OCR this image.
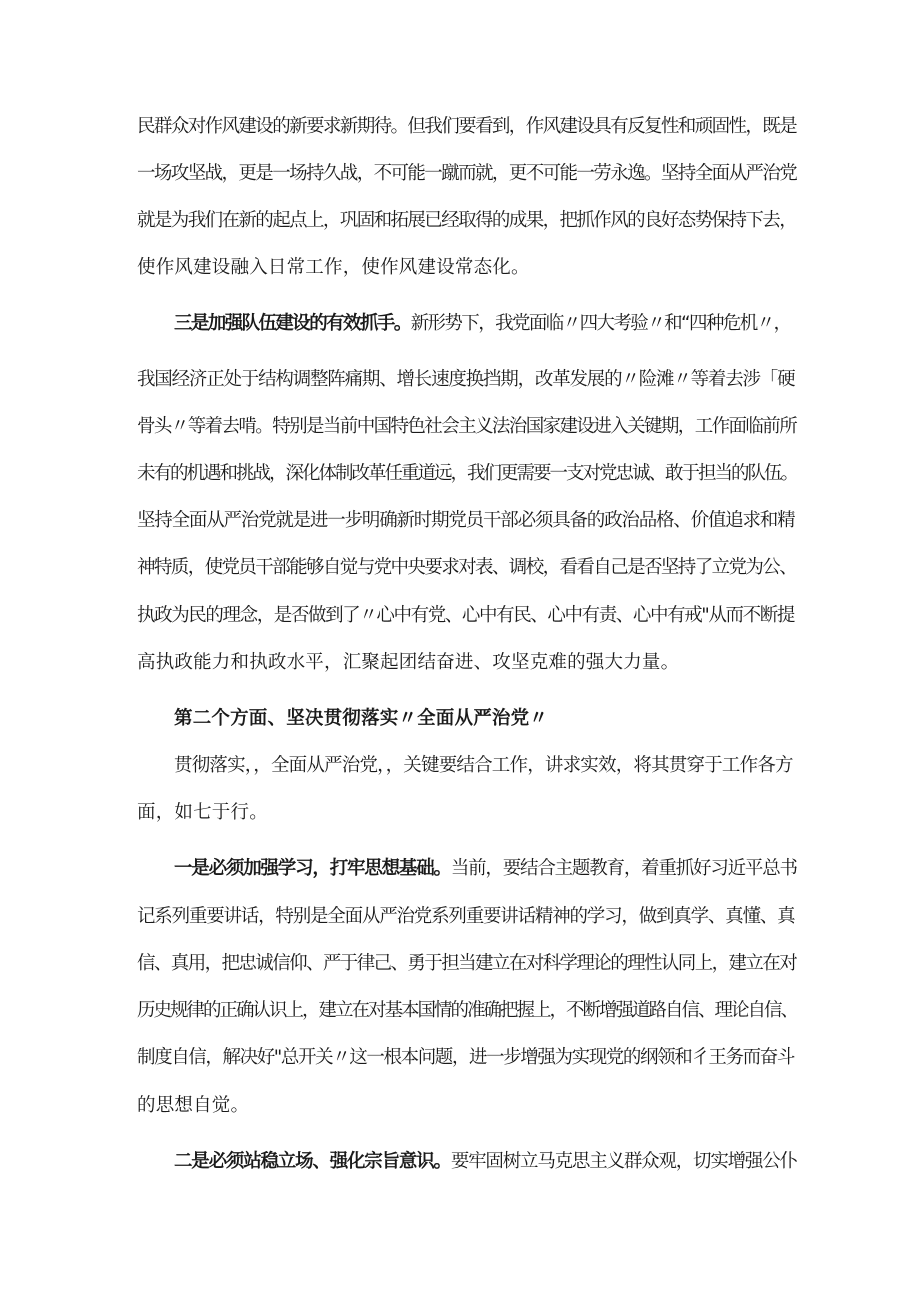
民群众对作风建设的新要求新期待。但我们要看到，作风建设具有反复性和顽固性，既是
一场攻坚战，更是一场持久战，不可能一蹴而就，更不可能一劳永逸。坚持全面从严治党
就是为我们在新的起点上，巩固和拓展已经取得的成果，把抓作风的良好态势保持下去，
使作风建设融入日常工作，使作风建设常态化。
三是加强队伍建设的有效抓手。新形势下，我党面临〃四大考验〃和“四种危机〃，
我国经济正处于结构调整阵痛期、增长速度换挡期，改革发展的〃险滩〃等着去涉「硬
骨头〃等着去啃。特别是当前中国特色社会主义法治国家建设进入关键期，工作面临前所
未有的机遇和挑战，深化体制改革任重道远，我们更需要一支对党忠诚、敢于担当的队伍。
坚持全面从严治党就是进一步明确新时期党员干部必须具备的政治品格、价值追求和精
神特质，使党员干部能够自觉与党中央要求对表、调校，看看自己是否坚持了立党为公、
执政为民的理念，是否做到了〃心中有党、心中有民、心中有责、心中有戒"从而不断提
高执政能力和执政水平，汇聚起团结奋进、攻坚克难的强大力量。
第二个方面、坚决贯彻落实〃全面从严治党〃
贯彻落实，，全面从严治党，，关键要结合工作，讲求实效，将其贯穿于工作各方
面，如七于行。
一是必须加强学习，打牢思想基础。当前，要结合主题教育，着重抓好习近平总书
记系列重要讲话，特别是全面从严治党系列重要讲话精神的学习，做到真学、真懂、真
信、真用，把忠诚信仰、严于律己、勇于担当建立在对科学理论的理性认同上，建立在对
历史规律的正确认识上，建立在对基本国情的准确把握上，不断增强道路自信、理论自信、
制度自信，解决好"总开关〃这一根本问题，进一步增强为实现党的纲领和彳王务而奋斗
的思想自觉。
二是必须站稳立场、强化宗旨意识。要牢固树立马克思主义群众观，切实增强公仆
